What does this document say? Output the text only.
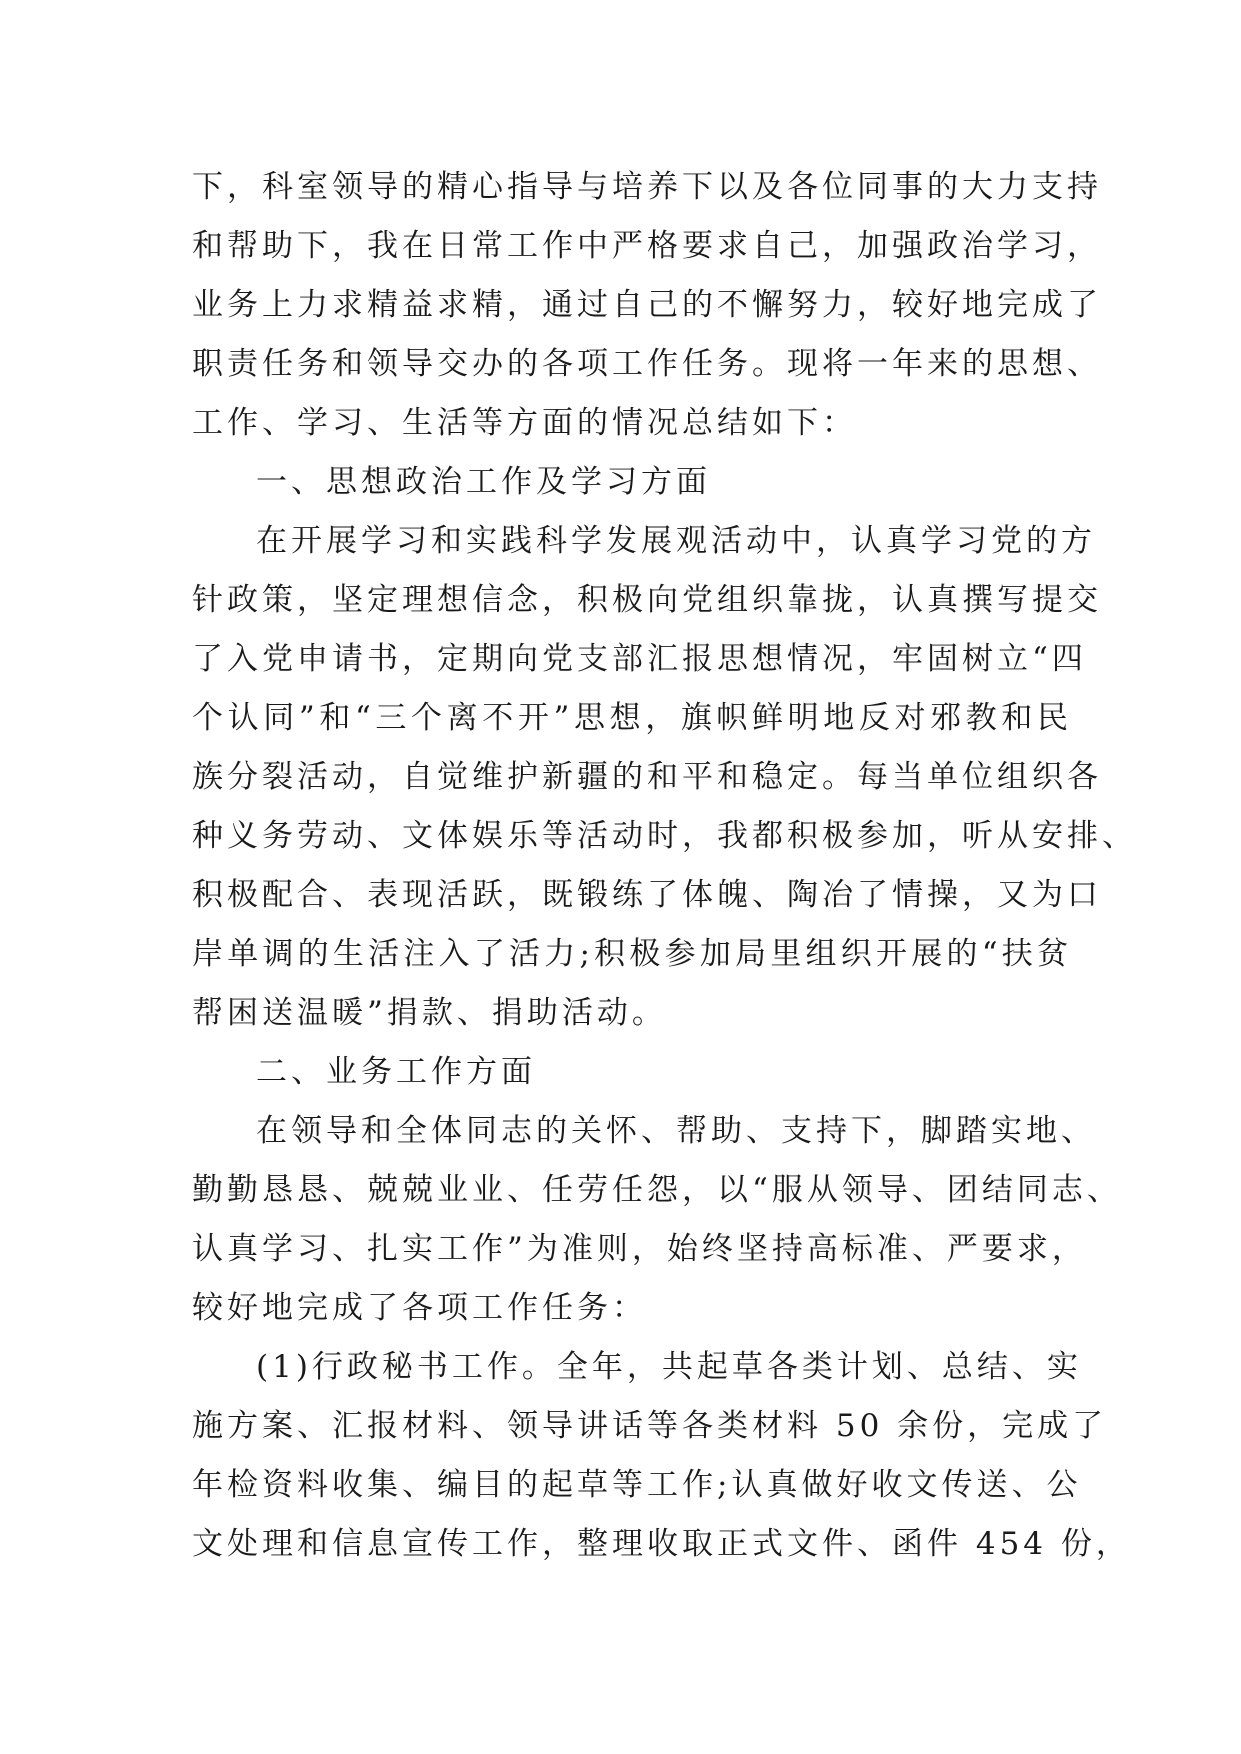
下，科室领导的精心指导与培养下以及各位同事的大力支持
和帮助下，我在日常工作中严格要求自己，加强政治学习，
业务上力求精益求精，通过自己的不懈努力，较好地完成了
职责任务和领导交办的各项工作任务。现将一年来的思想、
工作、学习、生活等方面的情况总结如下：
一、思想政治工作及学习方面
在开展学习和实践科学发展观活动中，认真学习党的方
针政策，坚定理想信念，积极向党组织靠拢，认真撰写提交
了入党申请书，定期向党支部汇报思想情况，牢固树立“四
个认同”和“三个离不开”思想，旗帜鲜明地反对邪教和民
族分裂活动，自觉维护新疆的和平和稳定。每当单位组织各
种义务劳动、文体娱乐等活动时，我都积极参加，听从安排、
积极配合、表现活跃，既锻练了体魄、陶冶了情操，又为口
岸单调的生活注入了活力;积极参加局里组织开展的“扶贫
帮困送温暖”捐款、捐助活动。
二、业务工作方面
在领导和全体同志的关怀、帮助、支持下，脚踏实地、
勤勤恳恳、兢兢业业、任劳任怨，以“服从领导、团结同志、
认真学习、扎实工作”为准则，始终坚持高标准、严要求，
较好地完成了各项工作任务：
(1)行政秘书工作。全年，共起草各类计划、总结、实
施方案、汇报材料、领导讲话等各类材料 50 余份，完成了
年检资料收集、编目的起草等工作;认真做好收文传送、公
文处理和信息宣传工作，整理收取正式文件、函件 454 份，
